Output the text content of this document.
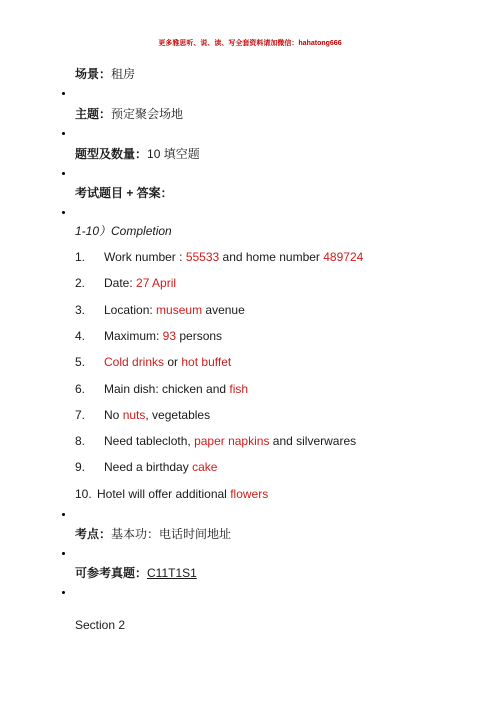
更多雅思听、说、读、写全套资料请加微信：hahatong666
场景：租房
主题：预定聚会场地
题型及数量：10 填空题
考试题目 + 答案：
1-10）Completion
1. Work number : 55533 and home number 489724
2. Date: 27 April
3. Location: museum avenue
4. Maximum: 93 persons
5. Cold drinks or hot buffet
6. Main dish: chicken and fish
7. No nuts, vegetables
8. Need tablecloth, paper napkins and silverwares
9. Need a birthday cake
10. Hotel will offer additional flowers
考点：基本功：电话时间地址
可参考真题：C11T1S1
Section 2
